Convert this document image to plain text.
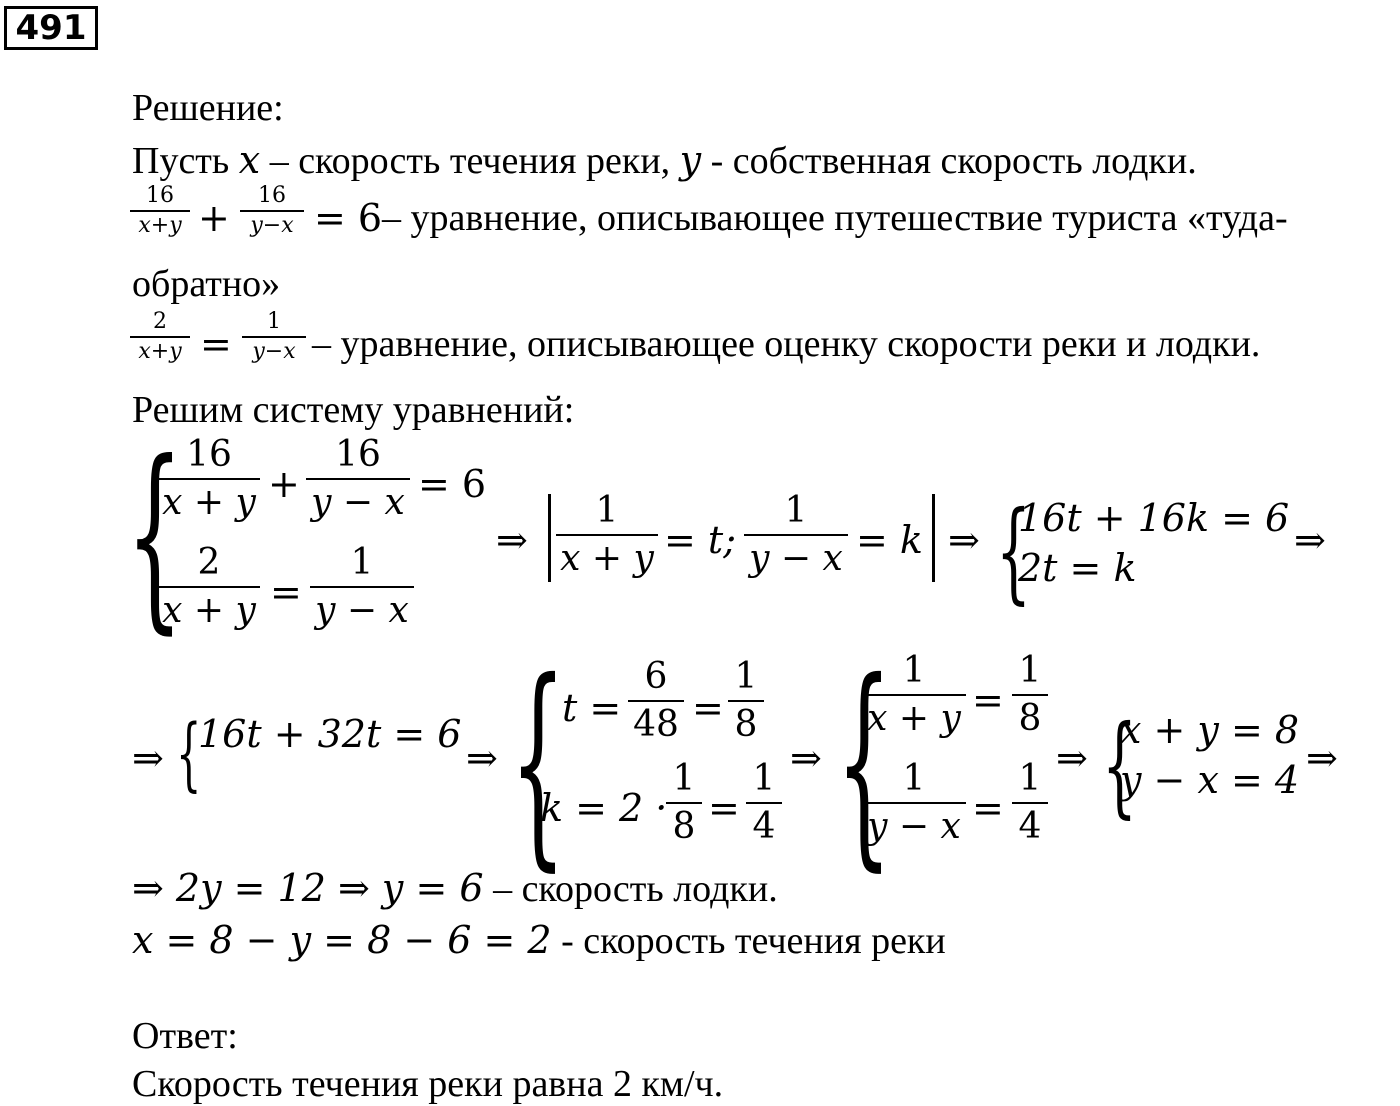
491
Решение:
Пусть x – скорость течения реки, y - собственная скорость лодки.
16
x+y +
16
y−x = 6 – уравнение, описывающее путешествие туриста «туда-
обратно»
2
x+y =
1
y−x – уравнение, описывающее оценку скорости реки и лодки.
Решим систему уравнений:
{ 16
x + y +
16
y − x = 6
2
x + y =
1
y − x
⇒
1
x + y = t;
1
y − x = k ⇒ {
16t + 16k = 6
2t = k
⇒
⇒ {
16t + 32t = 6
⇒ {
t =
6
48 =
1
8
k = 2 ·
1
8 =
1
4
⇒ { 1
x + y =
1
8
1
y − x =
1
4
⇒ {
x + y = 8
y − x = 4 ⇒
⇒ 2y = 12 ⇒ y = 6 – скорость лодки.
x = 8 − y = 8 − 6 = 2 - скорость течения реки
Ответ:
Скорость течения реки равна 2 км/ч.
